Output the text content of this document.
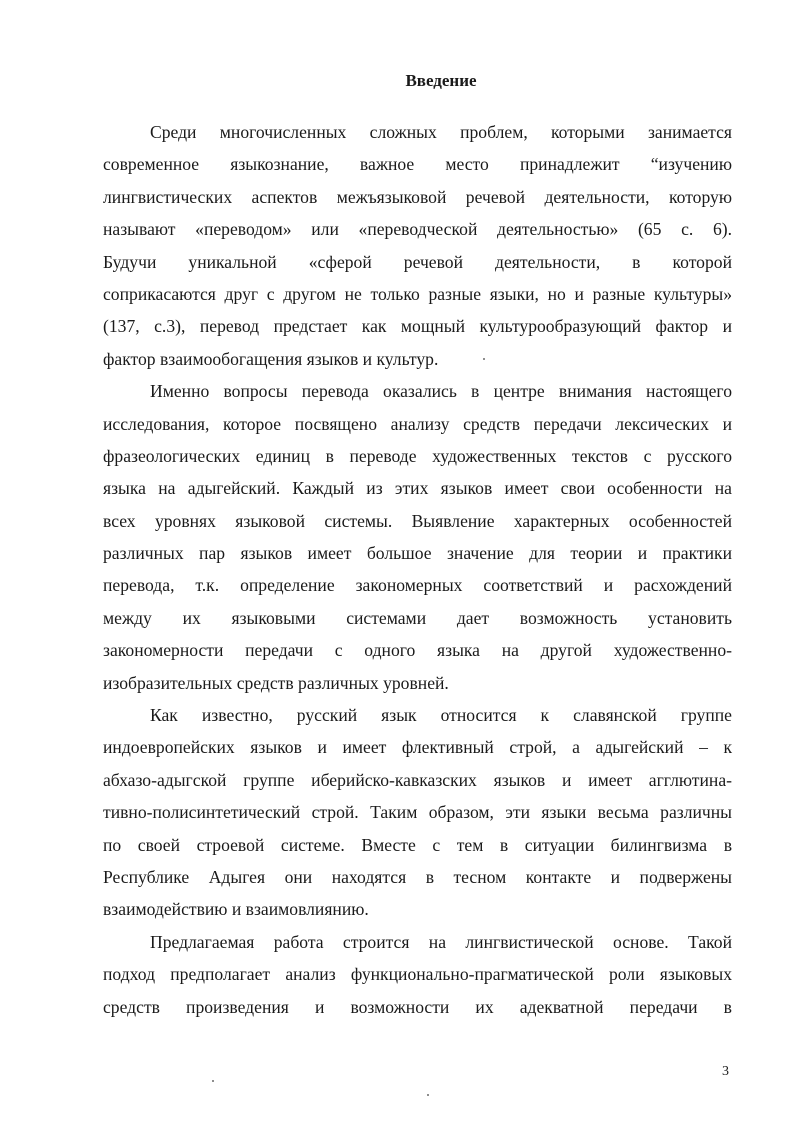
Введение
Среди многочисленных сложных проблем, которыми занимается
современное языкознание, важное место принадлежит “изучению
лингвистических аспектов межъязыковой речевой деятельности, которую
называют «переводом» или «переводческой деятельностью» (65 с. 6).
Будучи уникальной «сферой речевой деятельности, в которой
соприкасаются друг с другом не только разные языки, но и разные культуры»
(137, с.3), перевод предстает как мощный культурообразующий фактор и
фактор взаимообогащения языков и культур.
Именно вопросы перевода оказались в центре внимания настоящего
исследования, которое посвящено анализу средств передачи лексических и
фразеологических единиц в переводе художественных текстов с русского
языка на адыгейский. Каждый из этих языков имеет свои особенности на
всех уровнях языковой системы. Выявление характерных особенностей
различных пар языков имеет большое значение для теории и практики
перевода, т.к. определение закономерных соответствий и расхождений
между их языковыми системами дает возможность установить
закономерности передачи с одного языка на другой художественно-
изобразительных средств различных уровней.
Как известно, русский язык относится к славянской группе
индоевропейских языков и имеет флективный строй, а адыгейский – к
абхазо-адыгской группе иберийско-кавказских языков и имеет агглютина-
тивно-полисинтетический строй. Таким образом, эти языки весьма различны
по своей строевой системе. Вместе с тем в ситуации билингвизма в
Республике Адыгея они находятся в тесном контакте и подвержены
взаимодействию и взаимовлиянию.
Предлагаемая работа строится на лингвистической основе. Такой
подход предполагает анализ функционально-прагматической роли языковых
средств произведения и возможности их адекватной передачи в
3
